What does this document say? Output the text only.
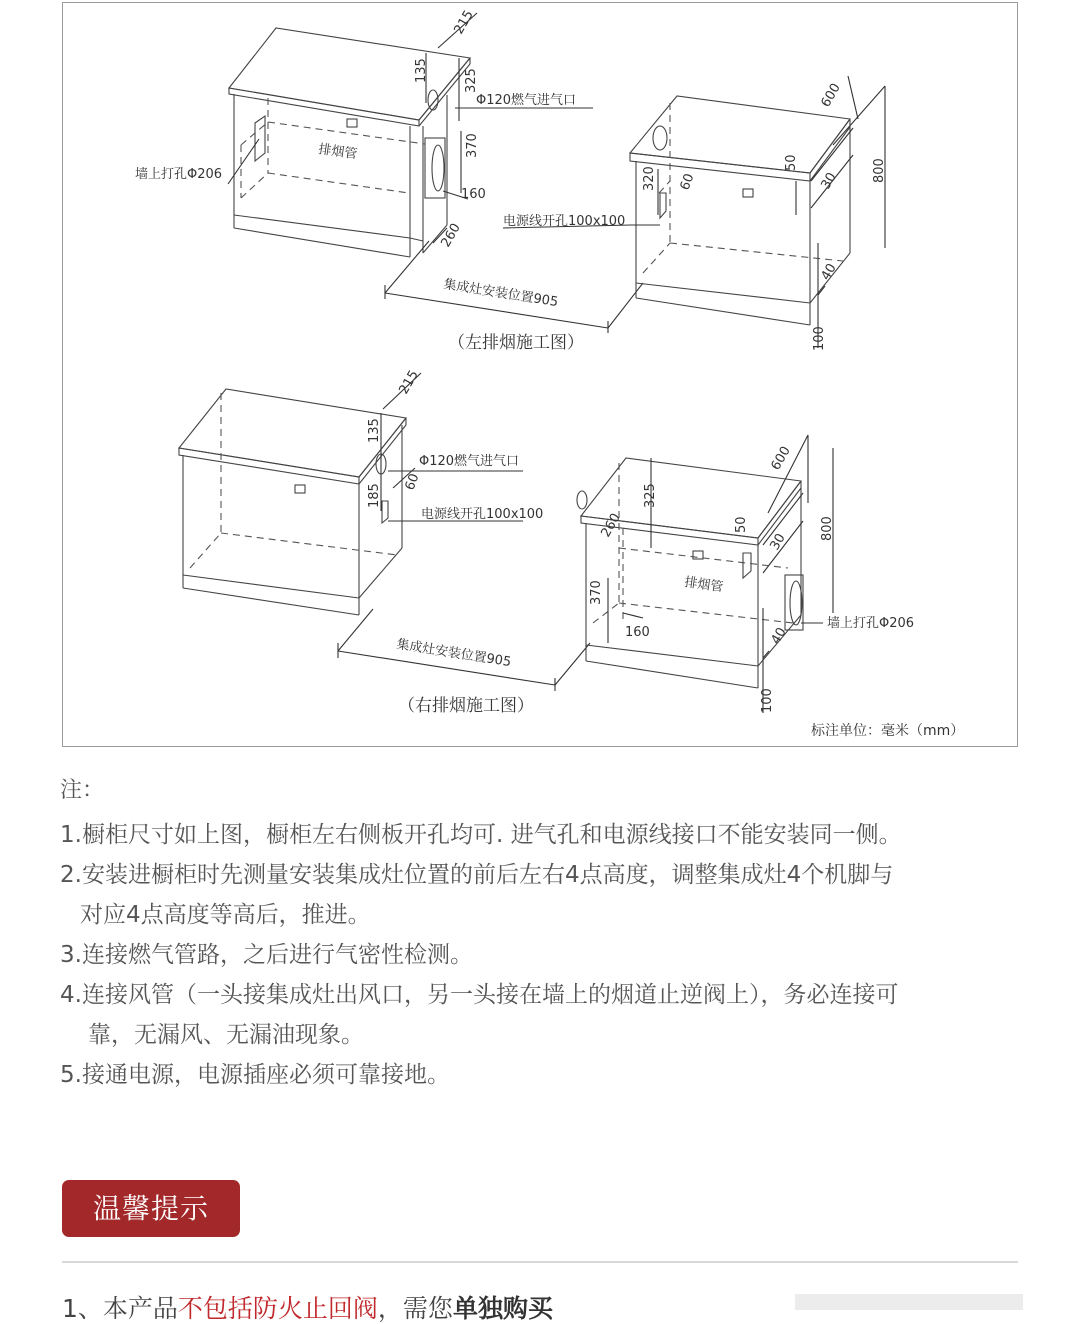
215
135	325
Φ120燃气进气口
370
排烟管
墙上打孔Φ206
160
260
集成灶安装位置905
（左排烟施工图）
600
320 60
50
30 800
电源线开孔100x100
40
100
215
135
Φ120燃气进气口
185
60
电源线开孔100x100
集成灶安装位置905
（右排烟施工图）
600
325
260	50
30
800
排烟管
370
160
墙上打孔Φ206
40
100
标注单位：毫米（mm）
注：
1.橱柜尺寸如上图，橱柜左右侧板开孔均可. 进气孔和电源线接口不能安装同一侧。
2.安装进橱柜时先测量安装集成灶位置的前后左右4点高度，调整集成灶4个机脚与
对应4点高度等高后，推进。
3.连接燃气管路，之后进行气密性检测。
4.连接风管（一头接集成灶出风口，另一头接在墙上的烟道止逆阀上），务必连接可
靠，无漏风、无漏油现象。
5.接通电源，电源插座必须可靠接地。
温馨提示
1、本产品不包括防火止回阀，需您单独购买
